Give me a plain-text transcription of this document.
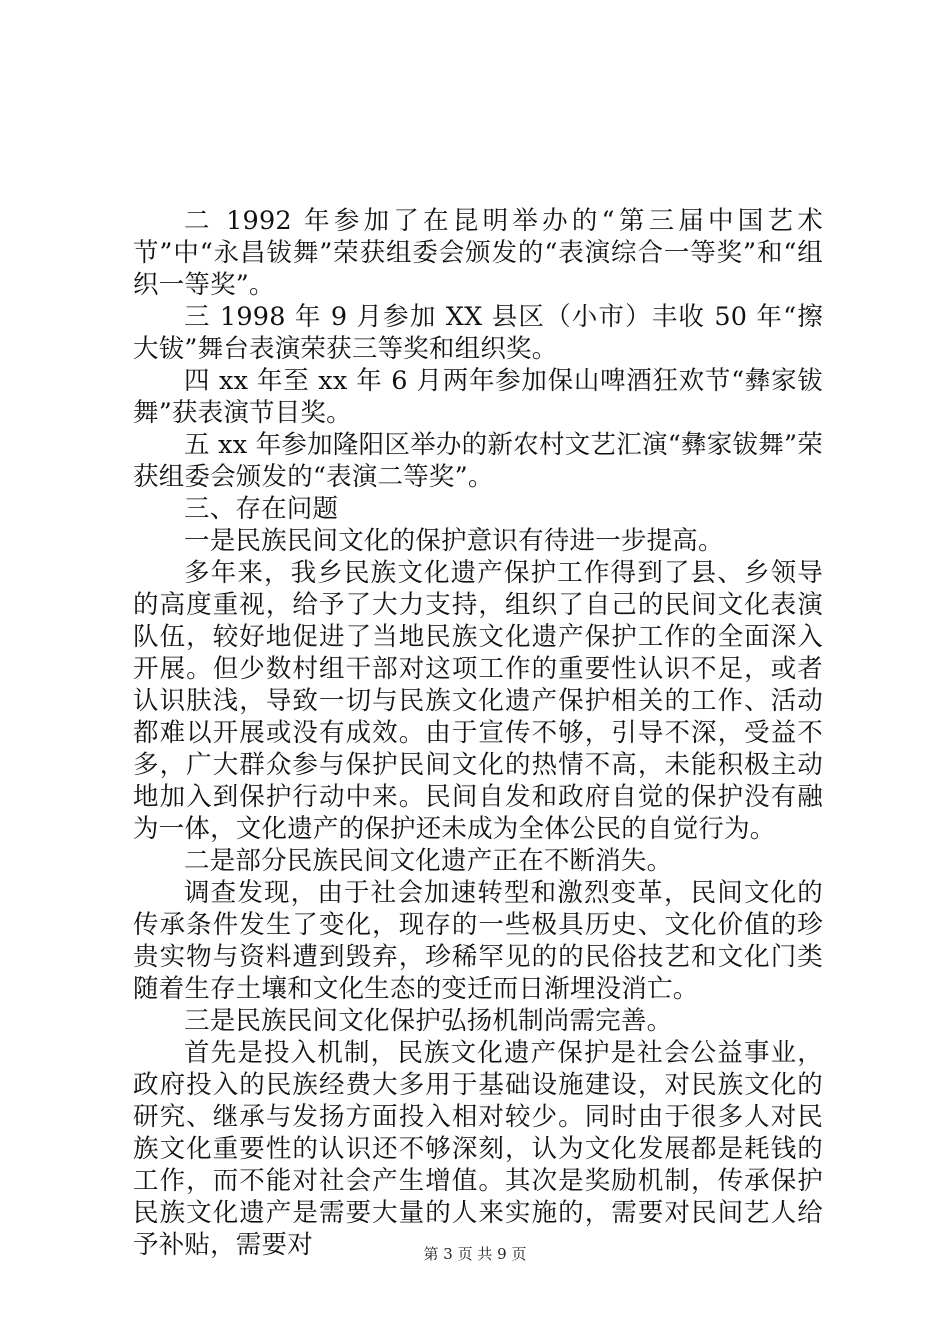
二 1992 年参加了在昆明举办的“第三届中国艺术节”中“永昌钹舞”荣获组委会颁发的“表演综合一等奖”和“组织一等奖”。

三 1998 年 9 月参加 XX 县区（小市）丰收 50 年“擦大钹”舞台表演荣获三等奖和组织奖。

四 xx 年至 xx 年 6 月两年参加保山啤酒狂欢节“彝家钹舞”获表演节目奖。

五 xx 年参加隆阳区举办的新农村文艺汇演“彝家钹舞”荣获组委会颁发的“表演二等奖”。

三、存在问题

一是民族民间文化的保护意识有待进一步提高。

多年来，我乡民族文化遗产保护工作得到了县、乡领导的高度重视，给予了大力支持，组织了自己的民间文化表演队伍，较好地促进了当地民族文化遗产保护工作的全面深入开展。但少数村组干部对这项工作的重要性认识不足，或者认识肤浅，导致一切与民族文化遗产保护相关的工作、活动都难以开展或没有成效。由于宣传不够，引导不深，受益不多，广大群众参与保护民间文化的热情不高，未能积极主动地加入到保护行动中来。民间自发和政府自觉的保护没有融为一体，文化遗产的保护还未成为全体公民的自觉行为。

二是部分民族民间文化遗产正在不断消失。

调查发现，由于社会加速转型和激烈变革，民间文化的传承条件发生了变化，现存的一些极具历史、文化价值的珍贵实物与资料遭到毁弃，珍稀罕见的的民俗技艺和文化门类随着生存土壤和文化生态的变迁而日渐埋没消亡。

三是民族民间文化保护弘扬机制尚需完善。

首先是投入机制，民族文化遗产保护是社会公益事业，政府投入的民族经费大多用于基础设施建设，对民族文化的研究、继承与发扬方面投入相对较少。同时由于很多人对民族文化重要性的认识还不够深刻，认为文化发展都是耗钱的工作，而不能对社会产生增值。其次是奖励机制，传承保护民族文化遗产是需要大量的人来实施的，需要对民间艺人给予补贴，需要对	第 3 页 共 9 页
